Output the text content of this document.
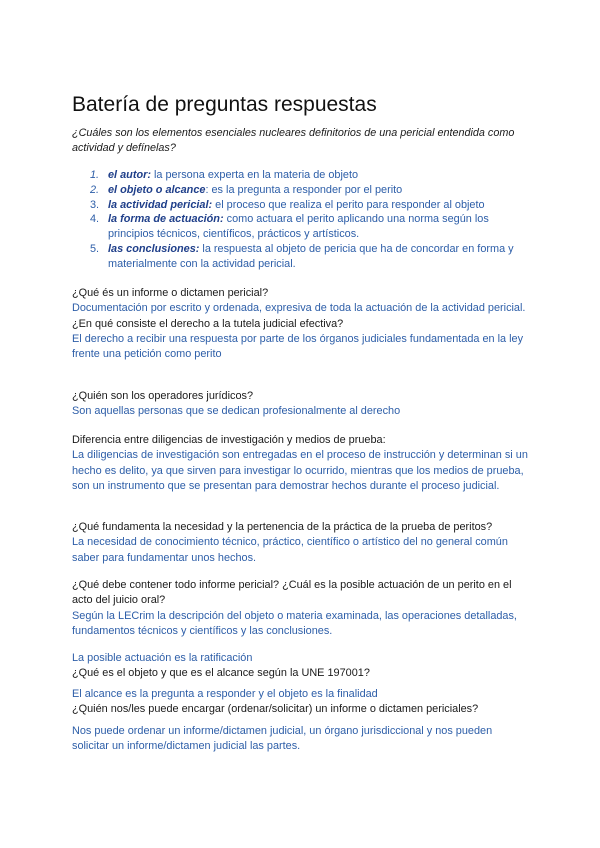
Batería de preguntas respuestas

¿Cuáles son los elementos esenciales nucleares definitorios de una pericial entendida como actividad y defínelas?

1. el autor: la persona experta en la materia de objeto
2. el objeto o alcance: es la pregunta a responder por el perito
3. la actividad pericial: el proceso que realiza el perito para responder al objeto
4. la forma de actuación: como actuara el perito aplicando una norma según los principios técnicos, científicos, prácticos y artísticos.
5. las conclusiones: la respuesta al objeto de pericia que ha de concordar en forma y materialmente con la actividad pericial.
¿Qué és un informe o dictamen pericial?
Documentación por escrito y ordenada, expresiva de toda la actuación de la actividad pericial.
¿En qué consiste el derecho a la tutela judicial efectiva?
El derecho a recibir una respuesta por parte de los órganos judiciales fundamentada en la ley frente una petición como perito
¿Quién son los operadores jurídicos?
Son aquellas personas que se dedican profesionalmente al derecho
Diferencia entre diligencias de investigación y medios de prueba:
La diligencias de investigación son entregadas en el proceso de instrucción y determinan si un hecho es delito, ya que sirven para investigar lo ocurrido, mientras que los medios de prueba, son un instrumento que se presentan para demostrar hechos durante el proceso judicial.
¿Qué fundamenta la necesidad y la pertenencia de la práctica de la prueba de peritos?
La necesidad de conocimiento técnico, práctico, científico o artístico del no general común saber para fundamentar unos hechos.
¿Qué debe contener todo informe pericial? ¿Cuál es la posible actuación de un perito en el acto del juicio oral?
Según la LECrim la descripción del objeto o materia examinada, las operaciones detalladas, fundamentos técnicos y científicos y las conclusiones.
La posible actuación es la ratificación
¿Qué es el objeto y que es el alcance según la UNE 197001?
El alcance es la pregunta a responder y el objeto es la finalidad
¿Quién nos/les puede encargar (ordenar/solicitar) un informe o dictamen periciales?
Nos puede ordenar un informe/dictamen judicial, un órgano jurisdiccional y nos pueden solicitar un informe/dictamen judicial las partes.
